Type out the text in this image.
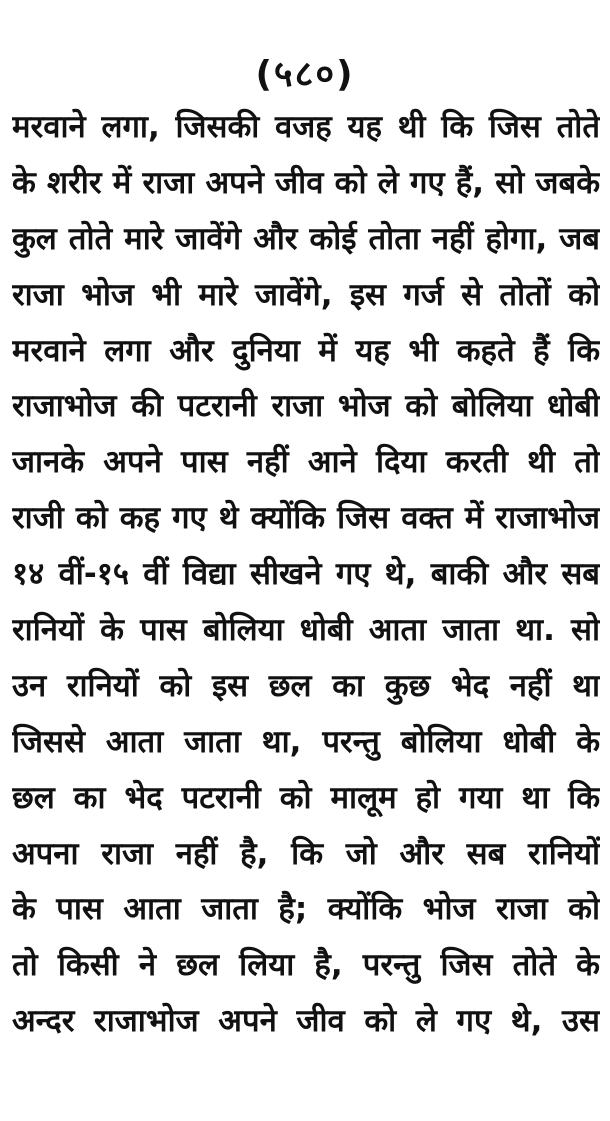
(५८०)
मरवाने लगा, जिसकी वजह यह थी कि जिस तोते
के शरीर में राजा अपने जीव को ले गए हैं, सो जबके
कुल तोते मारे जावेंगे और कोई तोता नहीं होगा, जब
राजा भोज भी मारे जावेंगे, इस गर्ज से तोतों को
मरवाने लगा और दुनिया में यह भी कहते हैं कि
राजाभोज की पटरानी राजा भोज को बोलिया धोबी
जानके अपने पास नहीं आने दिया करती थी तो
राजी को कह गए थे क्योंकि जिस वक्त में राजाभोज
१४ वीं-१५ वीं विद्या सीखने गए थे, बाकी और सब
रानियों के पास बोलिया धोबी आता जाता था. सो
उन रानियों को इस छल का कुछ भेद नहीं था
जिससे आता जाता था, परन्तु बोलिया धोबी के
छल का भेद पटरानी को मालूम हो गया था कि
अपना राजा नहीं है, कि जो और सब रानियों
के पास आता जाता है; क्योंकि भोज राजा को
तो किसी ने छल लिया है, परन्तु जिस तोते के
अन्दर राजाभोज अपने जीव को ले गए थे, उस
